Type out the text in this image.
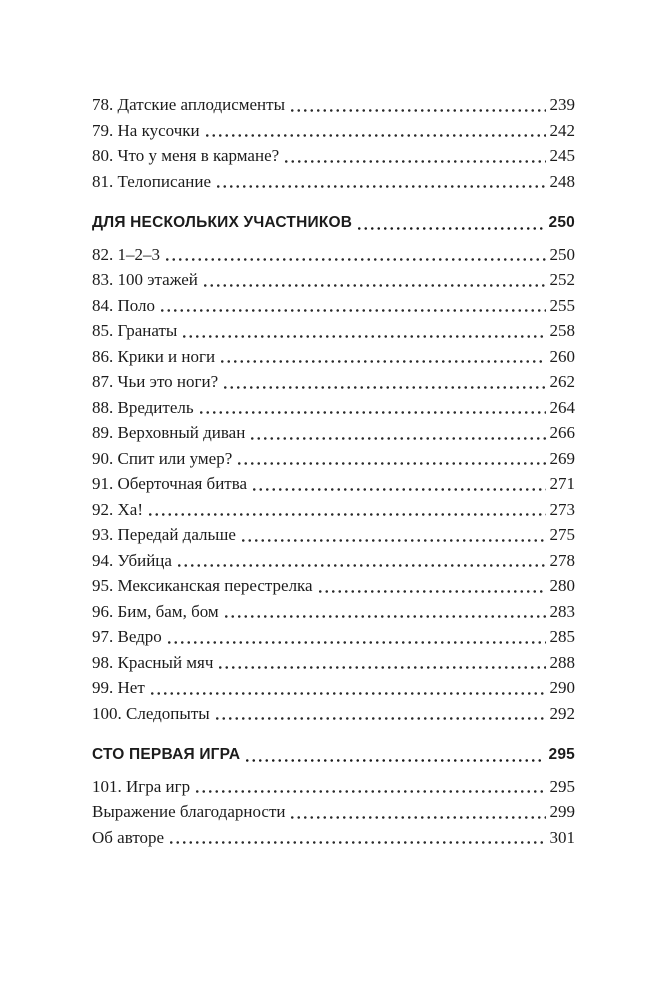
78. Датские аплодисменты	239
79. На кусочки	242
80. Что у меня в кармане?	245
81. Телописание	248
ДЛЯ НЕСКОЛЬКИХ УЧАСТНИКОВ	250
82. 1–2–3	250
83. 100 этажей	252
84. Поло	255
85. Гранаты	258
86. Крики и ноги	260
87. Чьи это ноги?	262
88. Вредитель	264
89. Верховный диван	266
90. Спит или умер?	269
91. Оберточная битва	271
92. Ха!	273
93. Передай дальше	275
94. Убийца	278
95. Мексиканская перестрелка	280
96. Бим, бам, бом	283
97. Ведро	285
98. Красный мяч	288
99. Нет	290
100. Следопыты	292
СТО ПЕРВАЯ ИГРА	295
101. Игра игр	295
Выражение благодарности	299
Об авторе	301
